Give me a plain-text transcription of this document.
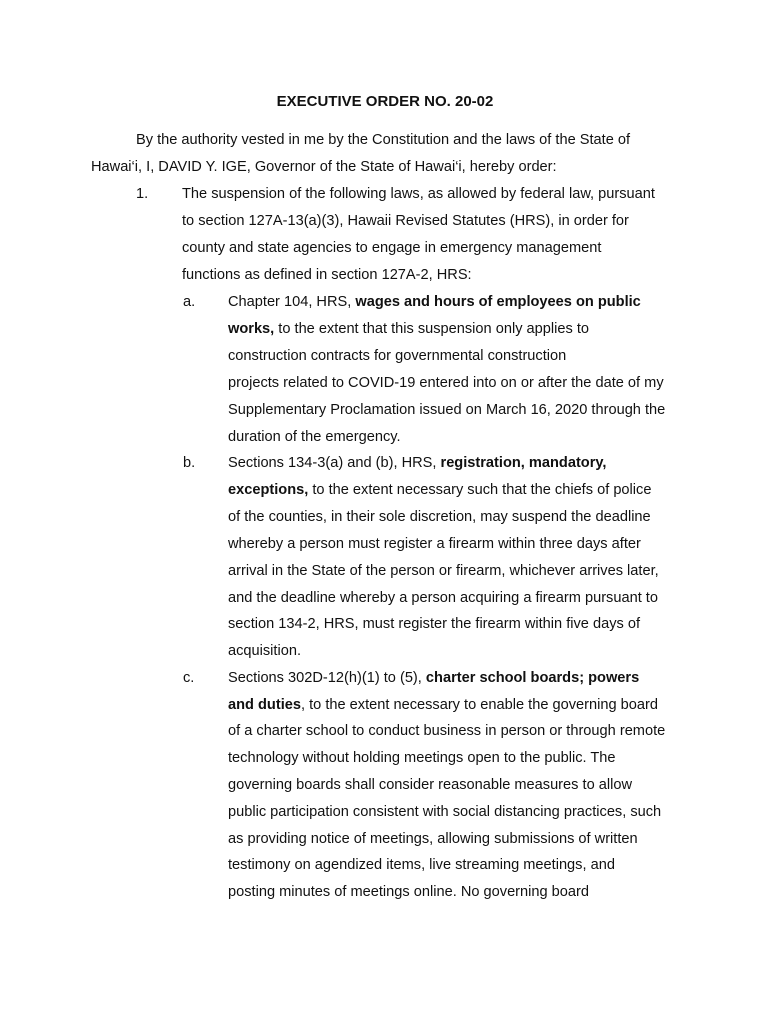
EXECUTIVE ORDER NO. 20-02
By the authority vested in me by the Constitution and the laws of the State of
Hawai‘i, I, DAVID Y. IGE, Governor of the State of Hawai‘i, hereby order:
1. The suspension of the following laws, as allowed by federal law, pursuant
to section 127A-13(a)(3), Hawaii Revised Statutes (HRS), in order for
county and state agencies to engage in emergency management
functions as defined in section 127A-2, HRS:
a. Chapter 104, HRS, wages and hours of employees on public
works, to the extent that this suspension only applies to
construction contracts for governmental construction
projects related to COVID-19 entered into on or after the date of my
Supplementary Proclamation issued on March 16, 2020 through the
duration of the emergency.
b. Sections 134-3(a) and (b), HRS, registration, mandatory,
exceptions, to the extent necessary such that the chiefs of police
of the counties, in their sole discretion, may suspend the deadline
whereby a person must register a firearm within three days after
arrival in the State of the person or firearm, whichever arrives later,
and the deadline whereby a person acquiring a firearm pursuant to
section 134-2, HRS, must register the firearm within five days of
acquisition.
c. Sections 302D-12(h)(1) to (5), charter school boards; powers
and duties, to the extent necessary to enable the governing board
of a charter school to conduct business in person or through remote
technology without holding meetings open to the public. The
governing boards shall consider reasonable measures to allow
public participation consistent with social distancing practices, such
as providing notice of meetings, allowing submissions of written
testimony on agendized items, live streaming meetings, and
posting minutes of meetings online. No governing board
